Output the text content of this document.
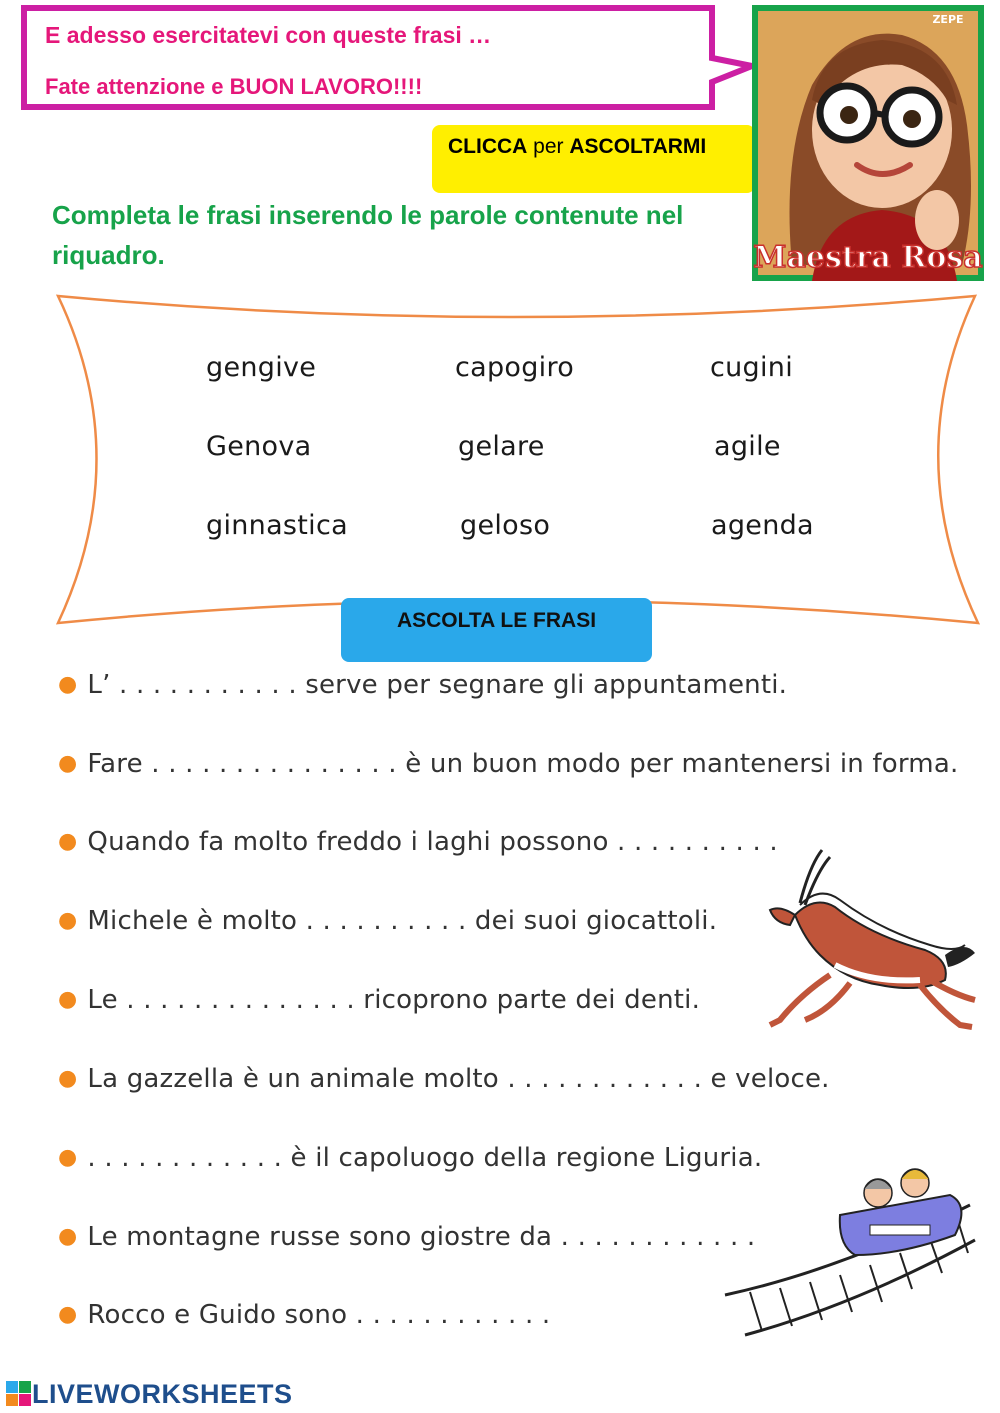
E adesso esercitatevi con queste frasi …
Fate attenzione e BUON LAVORO!!!!
CLICCA per ASCOLTARMI
Maestra Rosa
ZEPE
Completa le frasi inserendo le parole contenute nel riquadro.
gengive	capogiro	cugini
Genova	gelare	agile
ginnastica	geloso	agenda
ASCOLTA LE FRASI
● L’ . . . . . . . . . . . serve per segnare gli appuntamenti.
● Fare . . . . . . . . . . . . . . . è un buon modo per mantenersi in forma.
● Quando fa molto freddo i laghi possono . . . . . . . . . .
● Michele è molto . . . . . . . . . . dei suoi giocattoli.
● Le . . . . . . . . . . . . . . ricoprono parte dei denti.
● La gazzella è un animale molto . . . . . . . . . . . . e veloce.
● . . . . . . . . . . . . è il capoluogo della regione Liguria.
● Le montagne russe sono giostre da . . . . . . . . . . . .
● Rocco e Guido sono . . . . . . . . . . . .
LIVEWORKSHEETS
